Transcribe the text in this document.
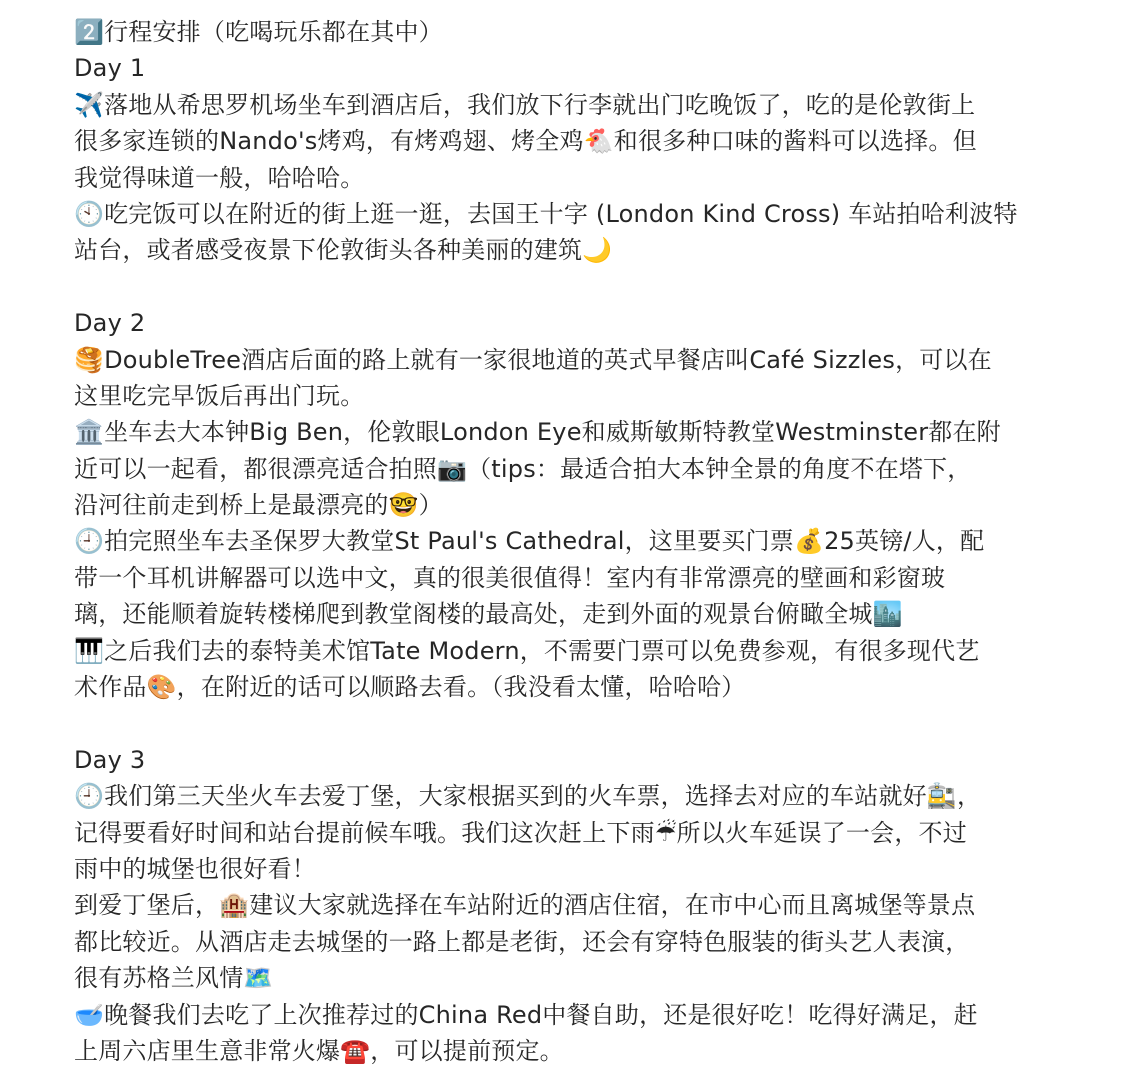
2️⃣行程安排（吃喝玩乐都在其中）
Day 1
✈️落地从希思罗机场坐车到酒店后，我们放下行李就出门吃晚饭了，吃的是伦敦街上
很多家连锁的Nando's烤鸡，有烤鸡翅、烤全鸡🐔和很多种口味的酱料可以选择。但
我觉得味道一般，哈哈哈。
🕙吃完饭可以在附近的街上逛一逛，去国王十字 (London Kind Cross) 车站拍哈利波特
站台，或者感受夜景下伦敦街头各种美丽的建筑🌙
Day 2
🥞DoubleTree酒店后面的路上就有一家很地道的英式早餐店叫Café Sizzles，可以在
这里吃完早饭后再出门玩。
🏛️坐车去大本钟Big Ben，伦敦眼London Eye和威斯敏斯特教堂Westminster都在附
近可以一起看，都很漂亮适合拍照📷（tips：最适合拍大本钟全景的角度不在塔下，
沿河往前走到桥上是最漂亮的🤓）
🕘拍完照坐车去圣保罗大教堂St Paul's Cathedral，这里要买门票💰25英镑/人，配
带一个耳机讲解器可以选中文，真的很美很值得！室内有非常漂亮的壁画和彩窗玻
璃，还能顺着旋转楼梯爬到教堂阁楼的最高处，走到外面的观景台俯瞰全城🏙️
🎹之后我们去的泰特美术馆Tate Modern，不需要门票可以免费参观，有很多现代艺
术作品🎨，在附近的话可以顺路去看。（我没看太懂，哈哈哈）
Day 3
🕘我们第三天坐火车去爱丁堡，大家根据买到的火车票，选择去对应的车站就好🚉，
记得要看好时间和站台提前候车哦。我们这次赶上下雨☔所以火车延误了一会，不过
雨中的城堡也很好看！
到爱丁堡后，🏨建议大家就选择在车站附近的酒店住宿，在市中心而且离城堡等景点
都比较近。从酒店走去城堡的一路上都是老街，还会有穿特色服装的街头艺人表演，
很有苏格兰风情🗺️
🥣晚餐我们去吃了上次推荐过的China Red中餐自助，还是很好吃！吃得好满足，赶
上周六店里生意非常火爆☎️，可以提前预定。
